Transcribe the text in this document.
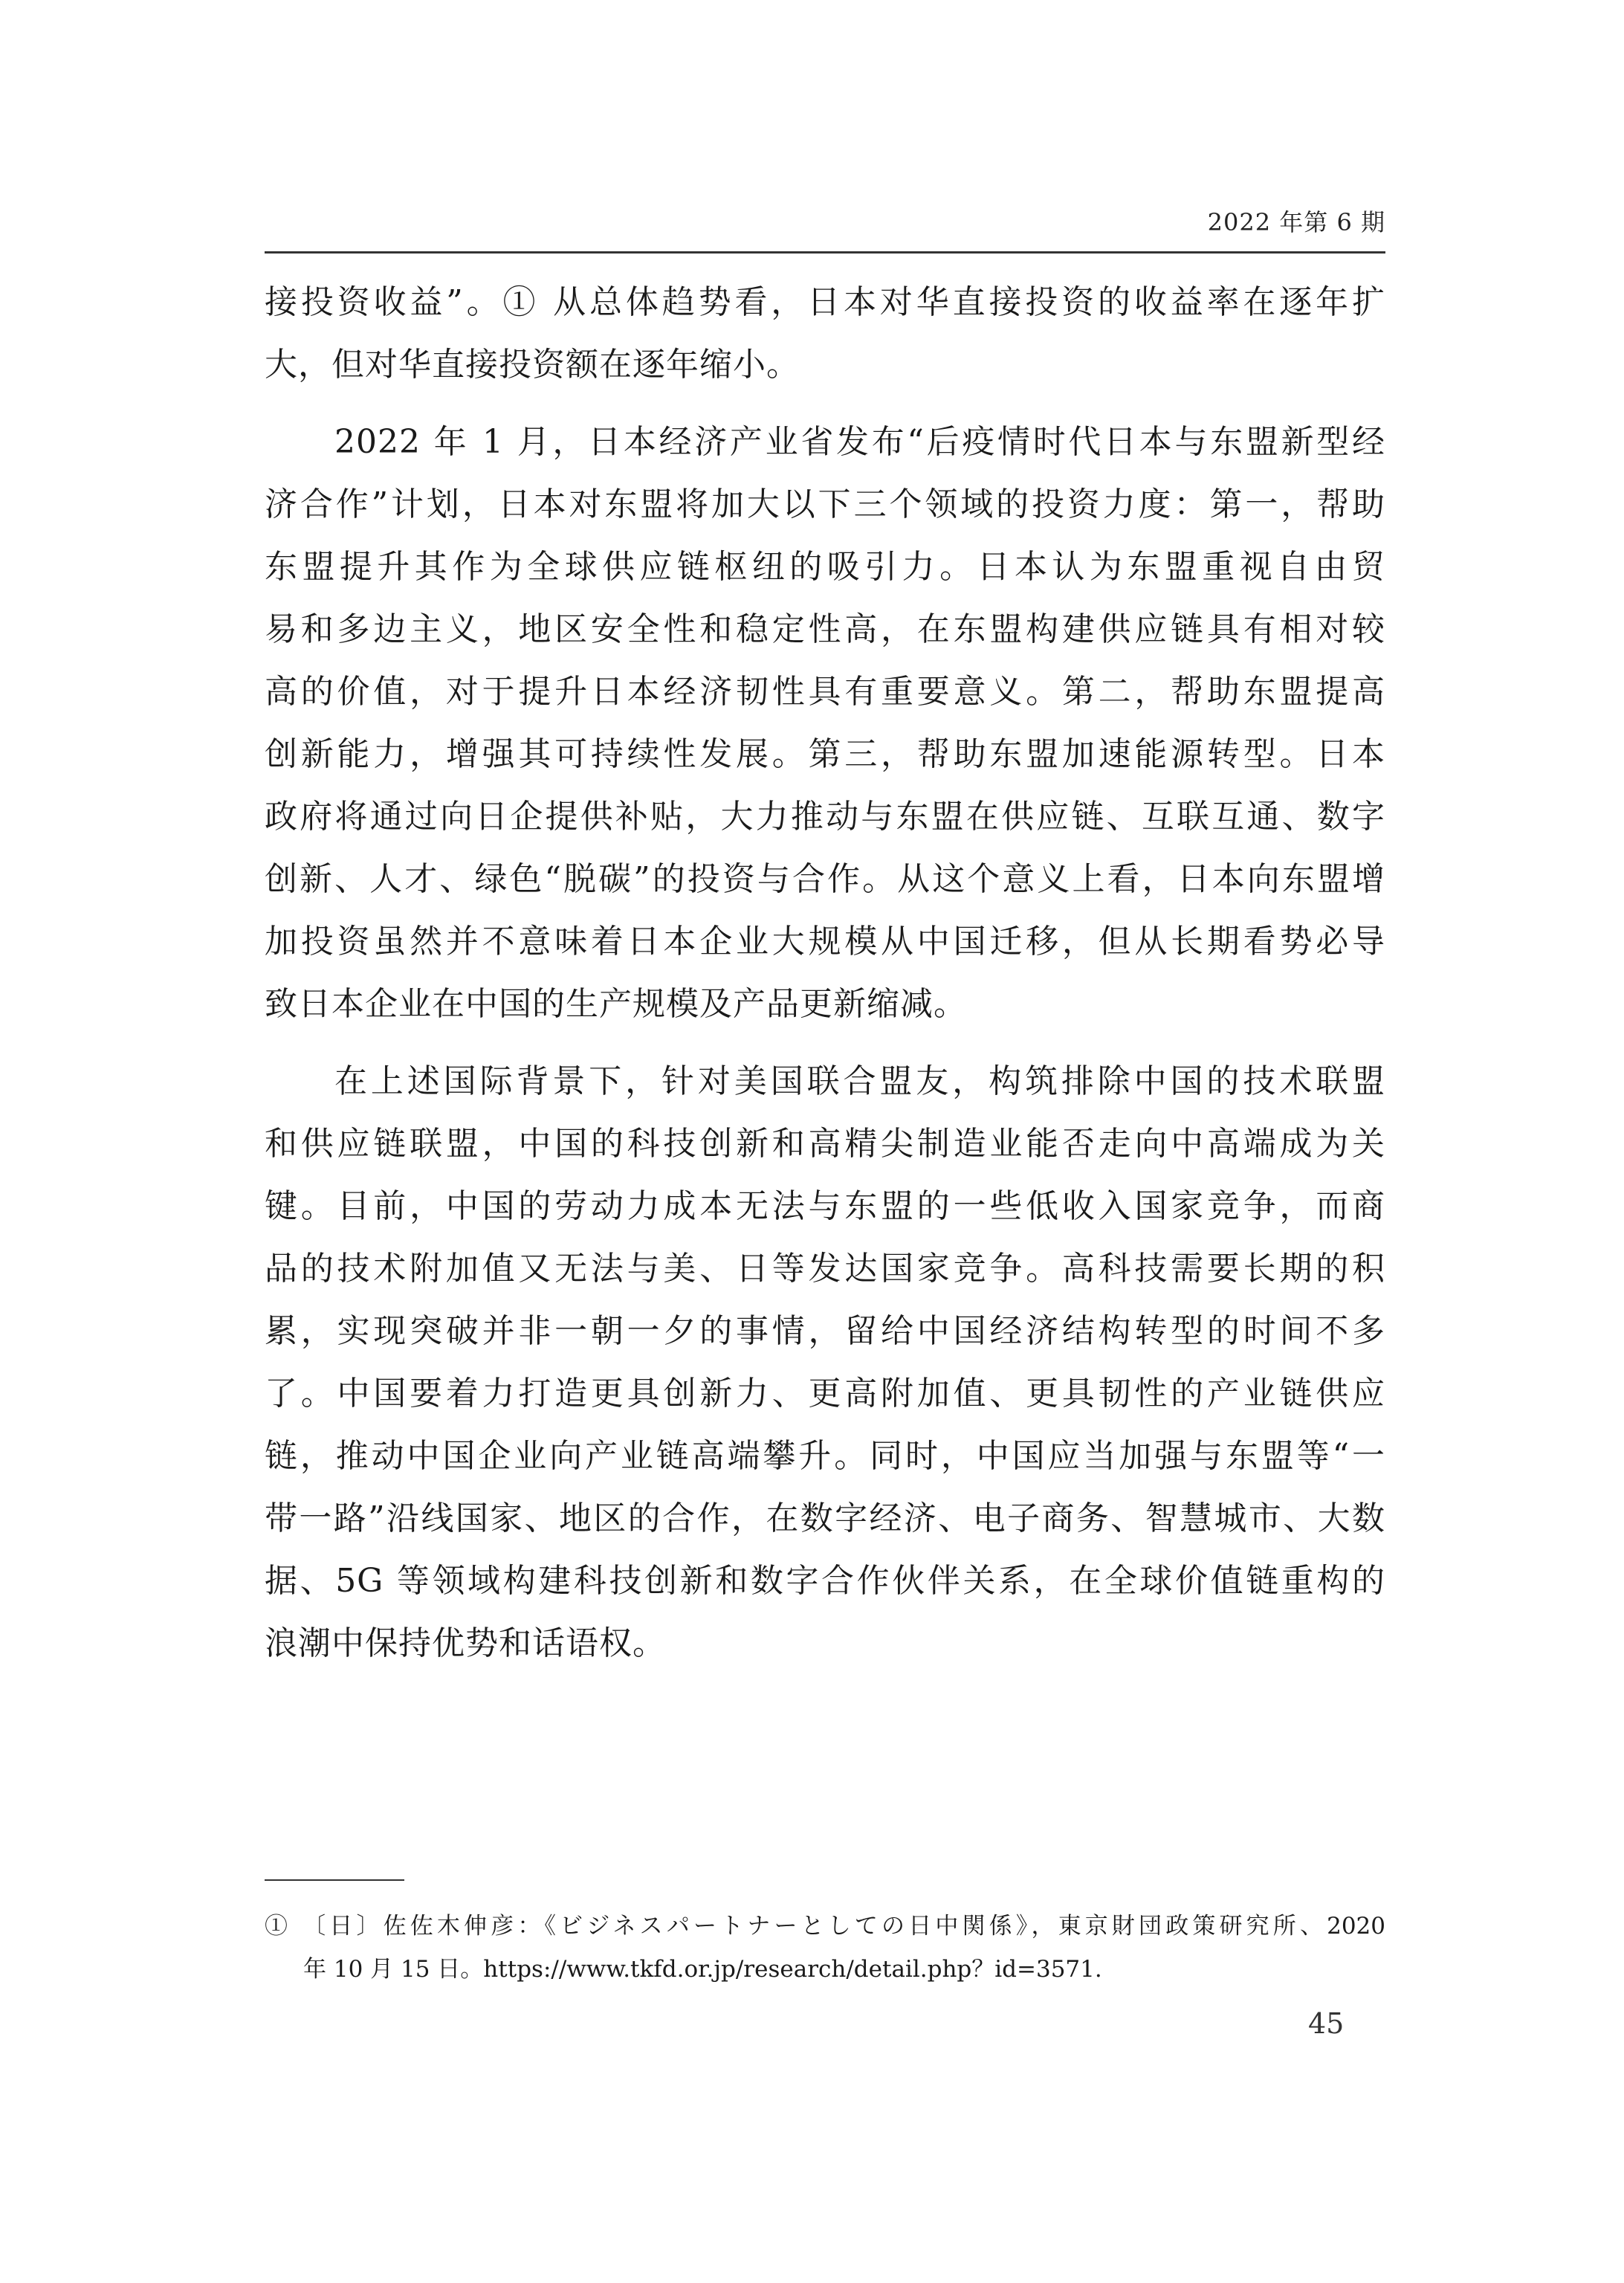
2022 年第 6 期
接投资收益”。① 从总体趋势看，日本对华直接投资的收益率在逐年扩
大，但对华直接投资额在逐年缩小。
2022 年 1 月，日本经济产业省发布“后疫情时代日本与东盟新型经
济合作”计划，日本对东盟将加大以下三个领域的投资力度：第一，帮助
东盟提升其作为全球供应链枢纽的吸引力。日本认为东盟重视自由贸
易和多边主义，地区安全性和稳定性高，在东盟构建供应链具有相对较
高的价值，对于提升日本经济韧性具有重要意义。第二，帮助东盟提高
创新能力，增强其可持续性发展。第三，帮助东盟加速能源转型。日本
政府将通过向日企提供补贴，大力推动与东盟在供应链、互联互通、数字
创新、人才、绿色“脱碳”的投资与合作。从这个意义上看，日本向东盟增
加投资虽然并不意味着日本企业大规模从中国迁移，但从长期看势必导
致日本企业在中国的生产规模及产品更新缩减。
在上述国际背景下，针对美国联合盟友，构筑排除中国的技术联盟
和供应链联盟，中国的科技创新和高精尖制造业能否走向中高端成为关
键。目前，中国的劳动力成本无法与东盟的一些低收入国家竞争，而商
品的技术附加值又无法与美、日等发达国家竞争。高科技需要长期的积
累，实现突破并非一朝一夕的事情，留给中国经济结构转型的时间不多
了。中国要着力打造更具创新力、更高附加值、更具韧性的产业链供应
链，推动中国企业向产业链高端攀升。同时，中国应当加强与东盟等“一
带一路”沿线国家、地区的合作，在数字经济、电子商务、智慧城市、大数
据、5G 等领域构建科技创新和数字合作伙伴关系，在全球价值链重构的
浪潮中保持优势和话语权。
① 〔日〕佐佐木伸彦：《ビジネスパートナーとしての日中関係》，東京財団政策研究所、2020
年 10 月 15 日。https://www.tkfd.or.jp/research/detail.php？id=3571.
45
